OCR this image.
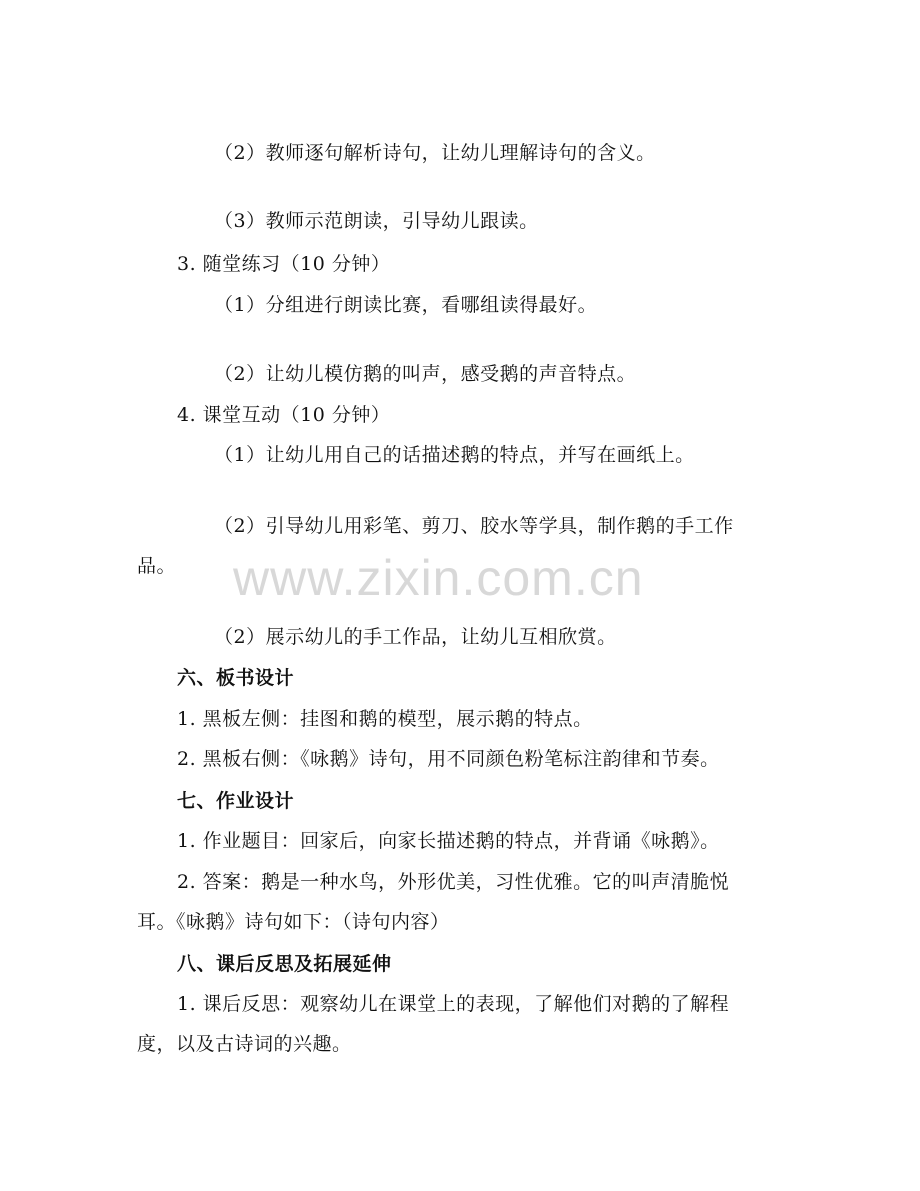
（2）教师逐句解析诗句，让幼儿理解诗句的含义。
（3）教师示范朗读，引导幼儿跟读。
3. 随堂练习（10 分钟）
（1）分组进行朗读比赛，看哪组读得最好。
（2）让幼儿模仿鹅的叫声，感受鹅的声音特点。
4. 课堂互动（10 分钟）
（1）让幼儿用自己的话描述鹅的特点，并写在画纸上。
（2）引导幼儿用彩笔、剪刀、胶水等学具，制作鹅的手工作
品。
（2）展示幼儿的手工作品，让幼儿互相欣赏。
六、板书设计
1. 黑板左侧：挂图和鹅的模型，展示鹅的特点。
2. 黑板右侧：《咏鹅》诗句，用不同颜色粉笔标注韵律和节奏。
七、作业设计
1. 作业题目：回家后，向家长描述鹅的特点，并背诵《咏鹅》。
2. 答案：鹅是一种水鸟，外形优美，习性优雅。它的叫声清脆悦
耳。《咏鹅》诗句如下：（诗句内容）
八、课后反思及拓展延伸
1. 课后反思：观察幼儿在课堂上的表现，了解他们对鹅的了解程
度，以及古诗词的兴趣。
www.zixin.com.cn
